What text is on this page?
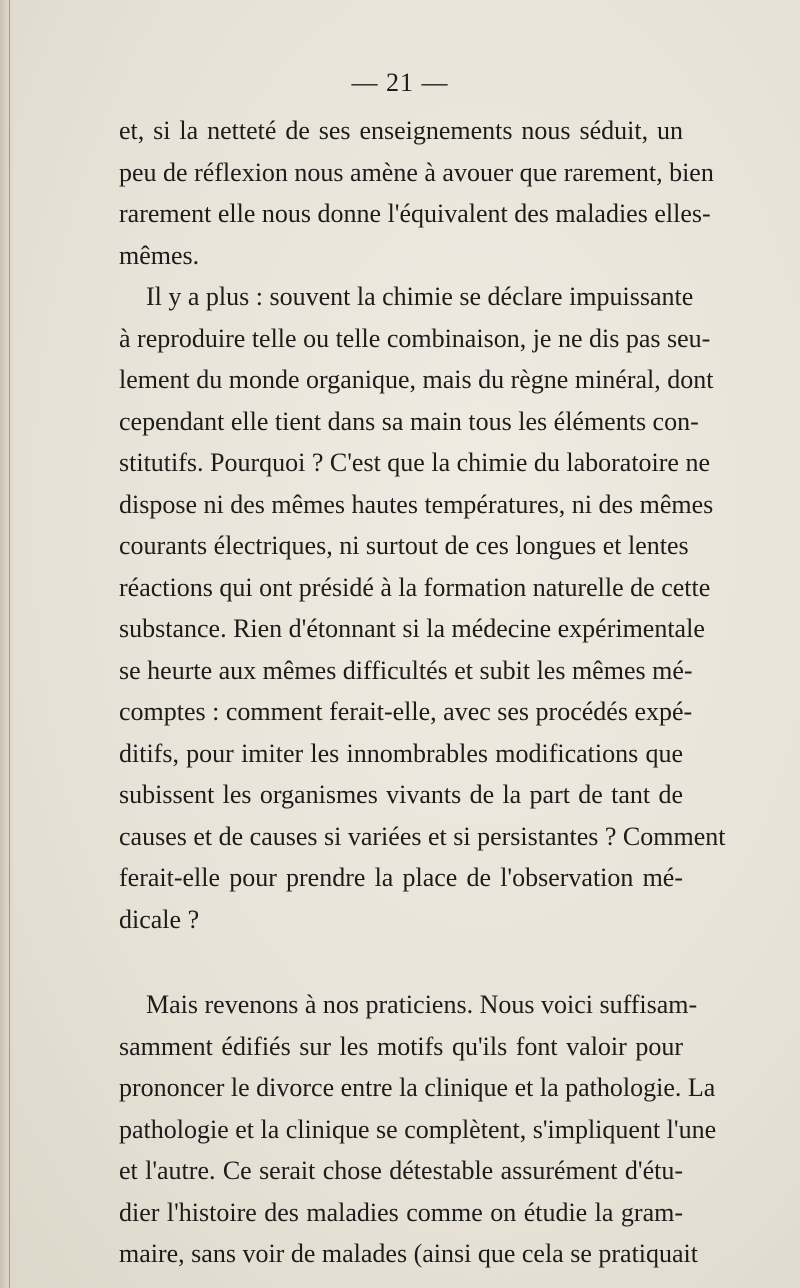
— 21 —

et, si la netteté de ses enseignements nous séduit, un
peu de réflexion nous amène à avouer que rarement, bien
rarement elle nous donne l'équivalent des maladies elles-
mêmes.

Il y a plus : souvent la chimie se déclare impuissante
à reproduire telle ou telle combinaison, je ne dis pas seu-
lement du monde organique, mais du règne minéral, dont
cependant elle tient dans sa main tous les éléments con-
stitutifs. Pourquoi ? C'est que la chimie du laboratoire ne
dispose ni des mêmes hautes températures, ni des mêmes
courants électriques, ni surtout de ces longues et lentes
réactions qui ont présidé à la formation naturelle de cette
substance. Rien d'étonnant si la médecine expérimentale
se heurte aux mêmes difficultés et subit les mêmes mé-
comptes : comment ferait-elle, avec ses procédés expé-
ditifs, pour imiter les innombrables modifications que
subissent les organismes vivants de la part de tant de
causes et de causes si variées et si persistantes ? Comment
ferait-elle pour prendre la place de l'observation mé-
dicale ?

Mais revenons à nos praticiens. Nous voici suffisam-
samment édifiés sur les motifs qu'ils font valoir pour
prononcer le divorce entre la clinique et la pathologie. La
pathologie et la clinique se complètent, s'impliquent l'une
et l'autre. Ce serait chose détestable assurément d'étu-
dier l'histoire des maladies comme on étudie la gram-
maire, sans voir de malades (ainsi que cela se pratiquait
